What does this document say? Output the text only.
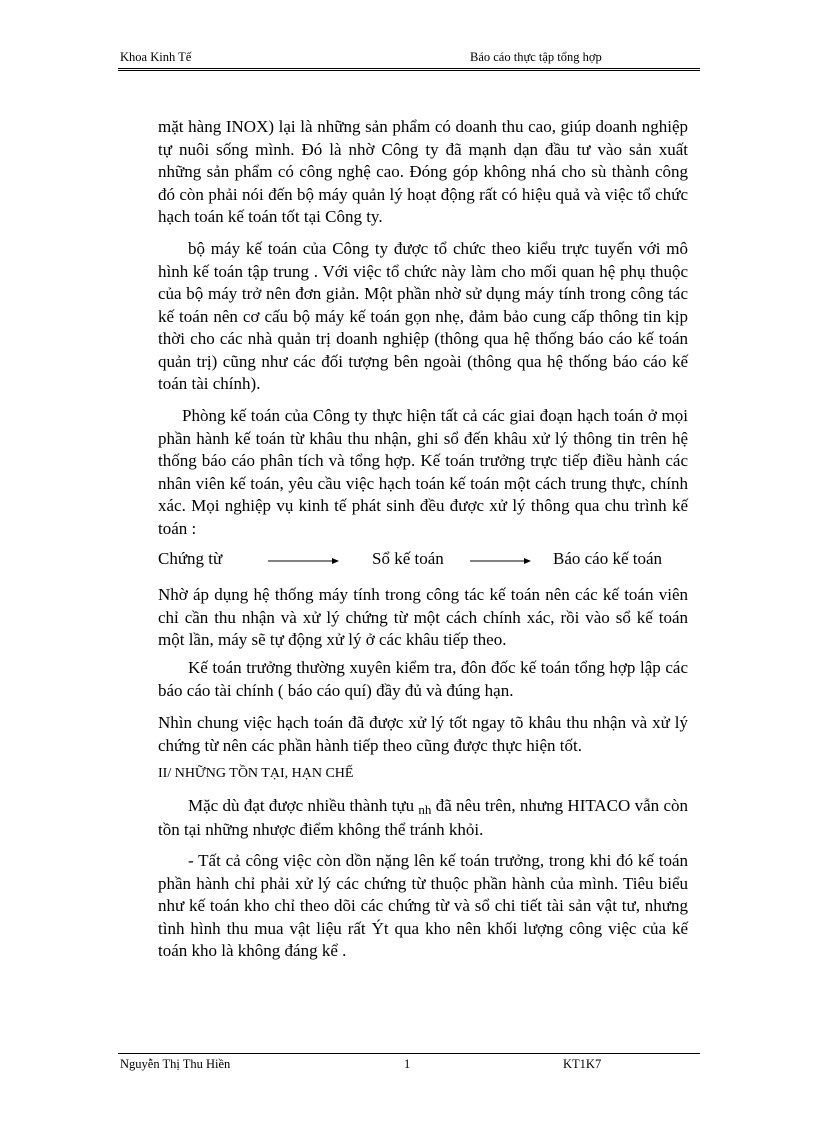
Khoa Kinh Tế	Báo cáo thực tập tổng hợp

mặt hàng INOX) lại là những sản phẩm có doanh thu cao, giúp doanh nghiệp tự nuôi sống mình. Đó là nhờ Công ty đã mạnh dạn đầu tư vào sản xuất những sản phẩm có công nghệ cao. Đóng góp không nhá cho sù thành công đó còn phải nói đến bộ máy quản lý hoạt động rất có hiệu quả và việc tổ chức hạch toán kế toán tốt tại Công ty.

bộ máy kế toán của Công ty được tổ chức theo kiểu trực tuyến với mô hình kế toán tập trung . Với việc tổ chức này làm cho mối quan hệ phụ thuộc của bộ máy trở nên đơn giản. Một phần nhờ sử dụng máy tính trong công tác kế toán nên cơ cấu bộ máy kế toán gọn nhẹ, đảm bảo cung cấp thông tin kịp thời cho các nhà quản trị doanh nghiệp (thông qua hệ thống báo cáo kế toán quản trị) cũng như các đối tượng bên ngoài (thông qua hệ thống báo cáo kế toán tài chính).

Phòng kế toán của Công ty thực hiện tất cả các giai đoạn hạch toán ở mọi phần hành kế toán từ khâu thu nhận, ghi sổ đến khâu xử lý thông tin trên hệ thống báo cáo phân tích và tổng hợp. Kế toán trưởng trực tiếp điều hành các nhân viên kế toán, yêu cầu việc hạch toán kế toán một cách trung thực, chính xác. Mọi nghiệp vụ kinh tế phát sinh đều được xử lý thông qua chu trình kế toán :

Chứng từ	Sổ kế toán	Báo cáo kế toán

Nhờ áp dụng hệ thống máy tính trong công tác kế toán nên các kế toán viên chỉ cần thu nhận và xử lý chứng từ một cách chính xác, rồi vào sổ kế toán một lần, máy sẽ tự động xử lý ở các khâu tiếp theo.

Kế toán trưởng thường xuyên kiểm tra, đôn đốc kế toán tổng hợp lập các báo cáo tài chính ( báo cáo quí) đầy đủ và đúng hạn.

Nhìn chung việc hạch toán đã được xử lý tốt ngay tõ khâu thu nhận và xử lý chứng từ nên các phần hành tiếp theo cũng được thực hiện tốt.

II/ NHỮNG TỒN TẠI, HẠN CHẾ

Mặc dù đạt được nhiều thành tựu nh đã nêu trên, nhưng HITACO vẫn còn tồn tại những nhược điểm không thể tránh khỏi.

- Tất cả công việc còn dồn nặng lên kế toán trưởng, trong khi đó kế toán phần hành chỉ phải xử lý các chứng từ thuộc phần hành của mình. Tiêu biểu như kế toán kho chỉ theo dõi các chứng từ và sổ chi tiết tài sản vật tư, nhưng tình hình thu mua vật liệu rất Ýt qua kho nên khối lượng công việc của kế toán kho là không đáng kể .

Nguyễn Thị Thu Hiền	1	KT1K7
